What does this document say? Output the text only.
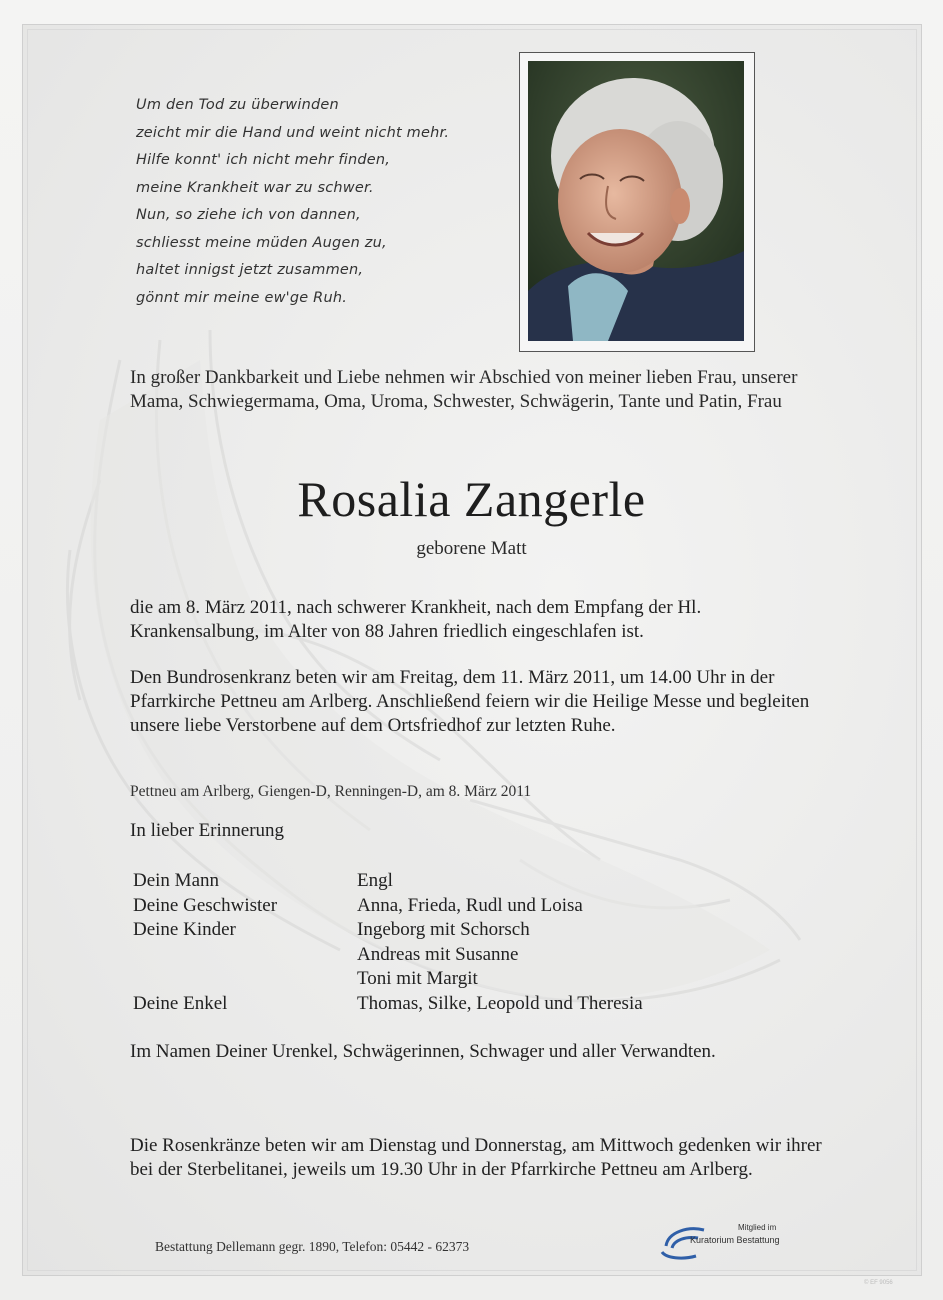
Um den Tod zu überwinden
zeicht mir die Hand und weint nicht mehr.
Hilfe konnt' ich nicht mehr finden,
meine Krankheit war zu schwer.
Nun, so ziehe ich von dannen,
schliesst meine müden Augen zu,
haltet innigst jetzt zusammen,
gönnt mir meine ew'ge Ruh.
In großer Dankbarkeit und Liebe nehmen wir Abschied von meiner lieben Frau, unserer Mama, Schwiegermama, Oma, Uroma, Schwester, Schwägerin, Tante und Patin, Frau
Rosalia Zangerle
geborene Matt
die am 8. März 2011, nach schwerer Krankheit, nach dem Empfang der Hl. Krankensalbung, im Alter von 88 Jahren friedlich eingeschlafen ist.
Den Bundrosenkranz beten wir am Freitag, dem 11. März 2011, um 14.00 Uhr in der Pfarrkirche Pettneu am Arlberg. Anschließend feiern wir die Heilige Messe und begleiten unsere liebe Verstorbene auf dem Ortsfriedhof zur letzten Ruhe.
Pettneu am Arlberg, Giengen-D, Renningen-D, am 8. März 2011
In lieber Erinnerung
Dein Mann	Engl
Deine Geschwister	Anna, Frieda, Rudl und Loisa
Deine Kinder	Ingeborg mit Schorsch
Andreas mit Susanne
Toni mit Margit
Deine Enkel	Thomas, Silke, Leopold und Theresia
Im Namen Deiner Urenkel, Schwägerinnen, Schwager und aller Verwandten.
Die Rosenkränze beten wir am Dienstag und Donnerstag, am Mittwoch gedenken wir ihrer bei der Sterbelitanei, jeweils um 19.30 Uhr in der Pfarrkirche Pettneu am Arlberg.
Bestattung Dellemann gegr. 1890, Telefon: 05442 - 62373
Mitglied im
Kuratorium Bestattung
© EF 9056
